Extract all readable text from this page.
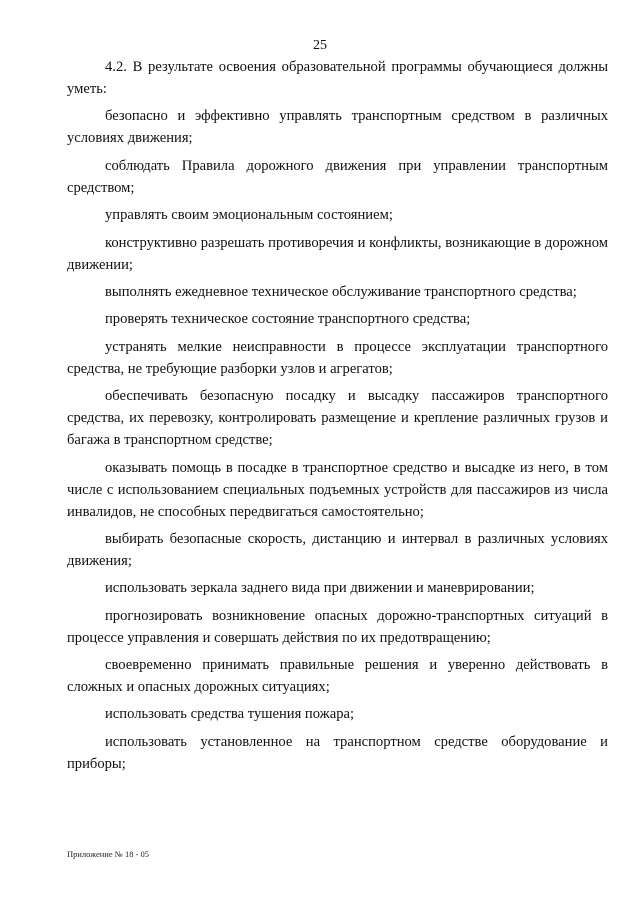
25

4.2. В результате освоения образовательной программы обучающиеся должны уметь:

безопасно и эффективно управлять транспортным средством в различных условиях движения;

соблюдать Правила дорожного движения при управлении транспортным средством;

управлять своим эмоциональным состоянием;

конструктивно разрешать противоречия и конфликты, возникающие в дорожном движении;

выполнять ежедневное техническое обслуживание транспортного средства;

проверять техническое состояние транспортного средства;

устранять мелкие неисправности в процессе эксплуатации транспортного средства, не требующие разборки узлов и агрегатов;

обеспечивать безопасную посадку и высадку пассажиров транспортного средства, их перевозку, контролировать размещение и крепление различных грузов и багажа в транспортном средстве;

оказывать помощь в посадке в транспортное средство и высадке из него, в том числе с использованием специальных подъемных устройств для пассажиров из числа инвалидов, не способных передвигаться самостоятельно;

выбирать безопасные скорость, дистанцию и интервал в различных условиях движения;

использовать зеркала заднего вида при движении и маневрировании;

прогнозировать возникновение опасных дорожно-транспортных ситуаций в процессе управления и совершать действия по их предотвращению;

своевременно принимать правильные решения и уверенно действовать в сложных и опасных дорожных ситуациях;

использовать средства тушения пожара;

использовать установленное на транспортном средстве оборудование и приборы;

Приложение № 18 - 05
